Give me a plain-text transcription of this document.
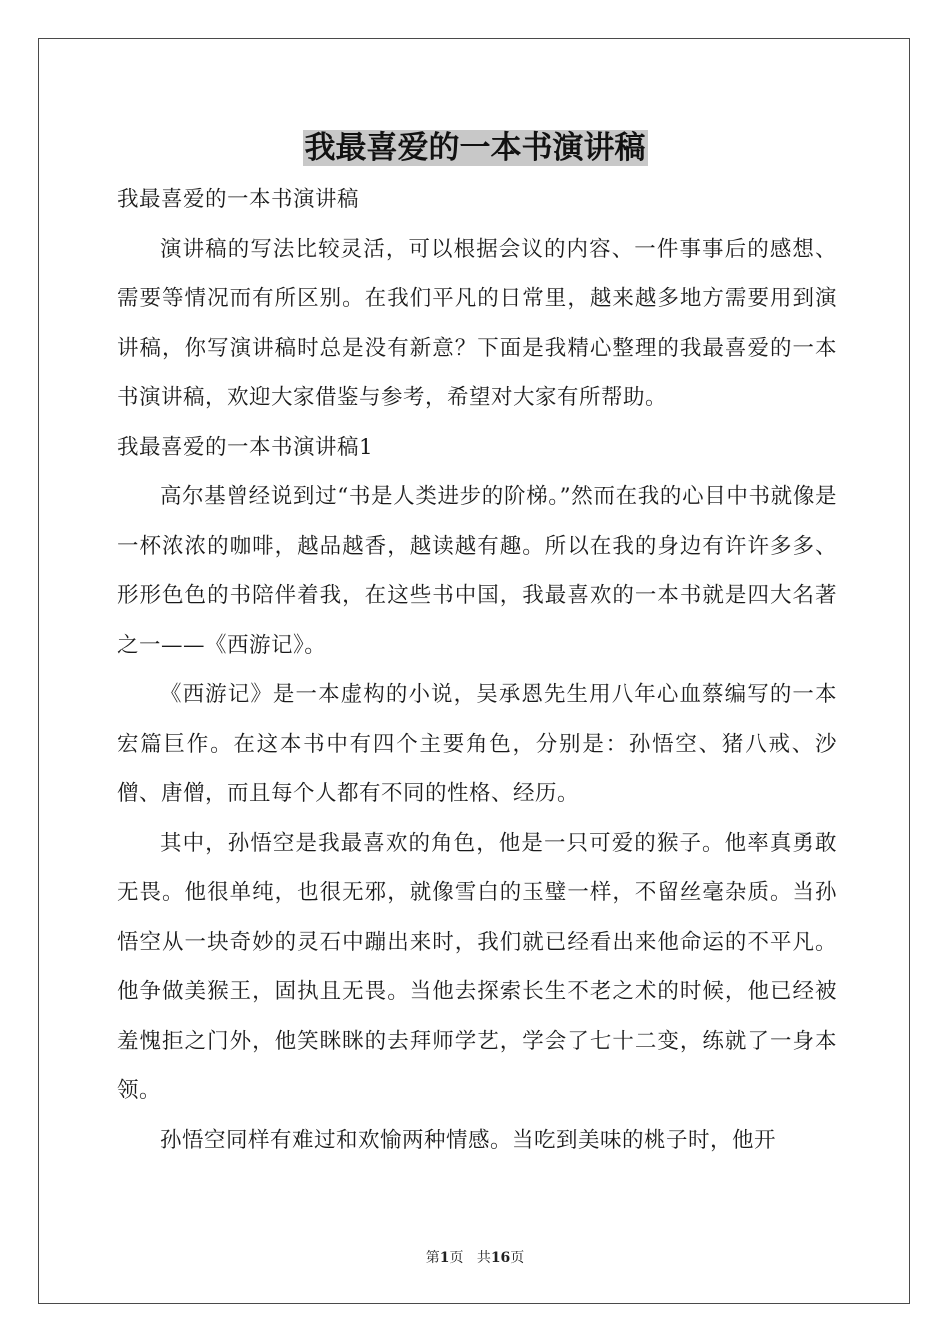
我最喜爱的一本书演讲稿

我最喜爱的一本书演讲稿

演讲稿的写法比较灵活，可以根据会议的内容、一件事事后的感想、需要等情况而有所区别。在我们平凡的日常里，越来越多地方需要用到演讲稿，你写演讲稿时总是没有新意？下面是我精心整理的我最喜爱的一本书演讲稿，欢迎大家借鉴与参考，希望对大家有所帮助。

我最喜爱的一本书演讲稿1

高尔基曾经说到过“书是人类进步的阶梯。”然而在我的心目中书就像是一杯浓浓的咖啡，越品越香，越读越有趣。所以在我的身边有许许多多、形形色色的书陪伴着我，在这些书中国，我最喜欢的一本书就是四大名著之一——《西游记》。

《西游记》是一本虚构的小说，吴承恩先生用八年心血蔡编写的一本宏篇巨作。在这本书中有四个主要角色，分别是：孙悟空、猪八戒、沙僧、唐僧，而且每个人都有不同的性格、经历。

其中，孙悟空是我最喜欢的角色，他是一只可爱的猴子。他率真勇敢无畏。他很单纯，也很无邪，就像雪白的玉璧一样，不留丝毫杂质。当孙悟空从一块奇妙的灵石中蹦出来时，我们就已经看出来他命运的不平凡。他争做美猴王，固执且无畏。当他去探索长生不老之术的时候，他已经被羞愧拒之门外，他笑眯眯的去拜师学艺，学会了七十二变，练就了一身本领。

孙悟空同样有难过和欢愉两种情感。当吃到美味的桃子时，他开

第1页 共16页
